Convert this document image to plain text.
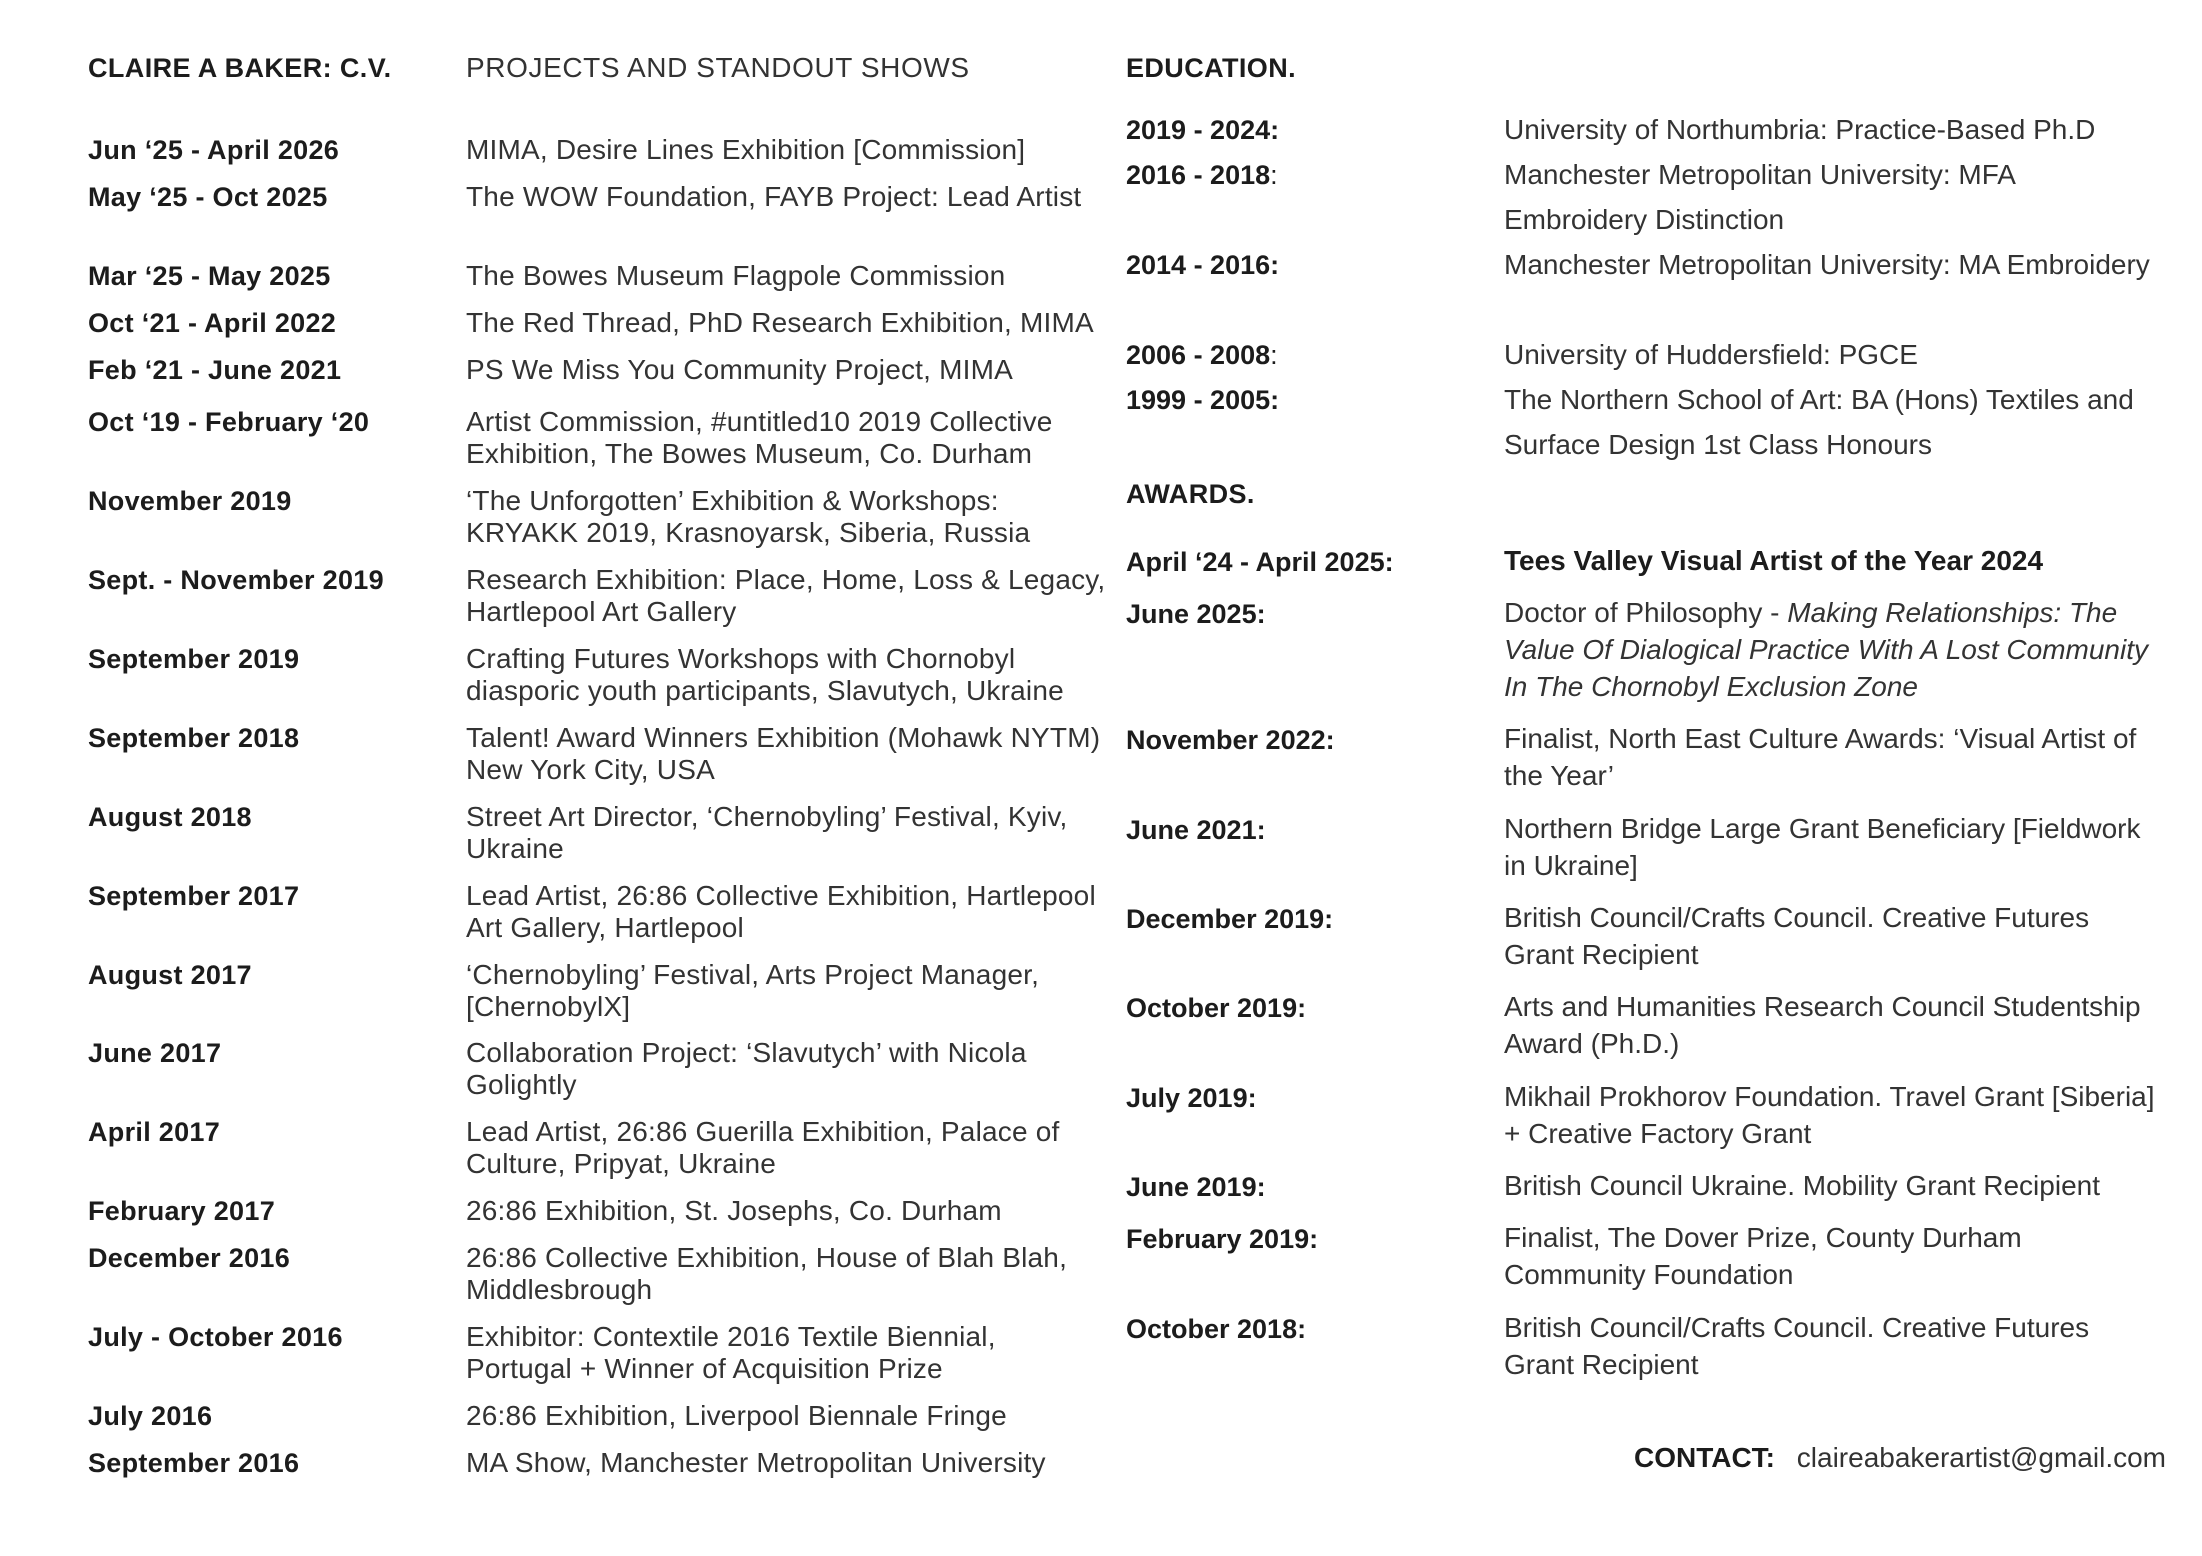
CLAIRE A BAKER: C.V.	PROJECTS AND STANDOUT SHOWS
Jun ‘25 - April 2026	MIMA, Desire Lines Exhibition [Commission]
May ‘25 - Oct 2025	The WOW Foundation, FAYB Project: Lead Artist
Mar ‘25 - May 2025	The Bowes Museum Flagpole Commission
Oct ‘21 - April 2022	The Red Thread, PhD Research Exhibition, MIMA
Feb ‘21 - June 2021	PS We Miss You Community Project, MIMA
Oct ‘19 - February ‘20	Artist Commission, #untitled10 2019 Collective Exhibition, The Bowes Museum, Co. Durham
November 2019	‘The Unforgotten’ Exhibition & Workshops: KRYAKK 2019, Krasnoyarsk, Siberia, Russia
Sept. - November 2019	Research Exhibition: Place, Home, Loss & Legacy, Hartlepool Art Gallery
September 2019	Crafting Futures Workshops with Chornobyl diasporic youth participants, Slavutych, Ukraine
September 2018	Talent! Award Winners Exhibition (Mohawk NYTM) New York City, USA
August 2018	Street Art Director, ‘Chernobyling’ Festival, Kyiv, Ukraine
September 2017	Lead Artist, 26:86 Collective Exhibition, Hartlepool Art Gallery, Hartlepool
August 2017	‘Chernobyling’ Festival, Arts Project Manager, [ChernobylX]
June 2017	Collaboration Project: ‘Slavutych’ with Nicola Golightly
April 2017	Lead Artist, 26:86 Guerilla Exhibition, Palace of Culture, Pripyat, Ukraine
February 2017	26:86 Exhibition, St. Josephs, Co. Durham
December 2016	26:86 Collective Exhibition, House of Blah Blah, Middlesbrough
July - October 2016	Exhibitor: Contextile 2016 Textile Biennial, Portugal + Winner of Acquisition Prize
July 2016	26:86 Exhibition, Liverpool Biennale Fringe
September 2016	MA Show, Manchester Metropolitan University
EDUCATION.
2019 - 2024:	University of Northumbria: Practice-Based Ph.D
2016 - 2018:	Manchester Metropolitan University: MFA Embroidery Distinction
2014 - 2016:	Manchester Metropolitan University: MA Embroidery
2006 - 2008:	University of Huddersfield: PGCE
1999 - 2005:	The Northern School of Art: BA (Hons) Textiles and Surface Design 1st Class Honours
AWARDS.
April ‘24 - April 2025:	Tees Valley Visual Artist of the Year 2024
June 2025:	Doctor of Philosophy - Making Relationships: The Value Of Dialogical Practice With A Lost Community In The Chornobyl Exclusion Zone
November 2022:	Finalist, North East Culture Awards: ‘Visual Artist of the Year’
June 2021:	Northern Bridge Large Grant Beneficiary [Fieldwork in Ukraine]
December 2019:	British Council/Crafts Council. Creative Futures Grant Recipient
October 2019:	Arts and Humanities Research Council Studentship Award (Ph.D.)
July 2019:	Mikhail Prokhorov Foundation. Travel Grant [Siberia] + Creative Factory Grant
June 2019:	British Council Ukraine. Mobility Grant Recipient
February 2019:	Finalist, The Dover Prize, County Durham Community Foundation
October 2018:	British Council/Crafts Council. Creative Futures Grant Recipient
CONTACT: claireabakerartist@gmail.com
